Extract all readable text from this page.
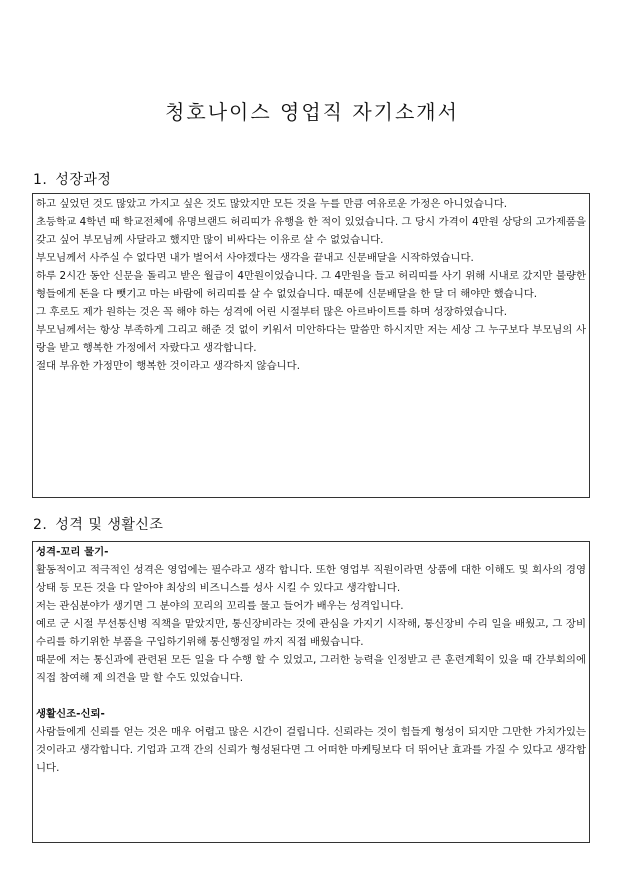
청호나이스 영업직 자기소개서
1. 성장과정

하고 싶었던 것도 많았고 가지고 싶은 것도 많았지만 모든 것을 누를 만큼 여유로운 가정은 아니었습니다.

초등학교 4학년 때 학교전체에 유명브랜드 허리띠가 유행을 한 적이 있었습니다. 그 당시 가격이 4만원 상당의 고가제품을 갖고 싶어 부모님께 사달라고 했지만 많이 비싸다는 이유로 살 수 없었습니다.

부모님께서 사주실 수 없다면 내가 벌어서 사야겠다는 생각을 끝내고 신문배달을 시작하였습니다.

하루 2시간 동안 신문을 돌리고 받은 월급이 4만원이었습니다. 그 4만원을 들고 허리띠를 사기 위해 시내로 갔지만 불량한 형들에게 돈을 다 뺏기고 마는 바람에 허리띠를 살 수 없었습니다. 때문에 신문배달을 한 달 더 해야만 했습니다.

그 후로도 제가 원하는 것은 꼭 해야 하는 성격에 어린 시절부터 많은 아르바이트를 하며 성장하였습니다.

부모님께서는 항상 부족하게 그리고 해준 것 없이 키워서 미안하다는 말씀만 하시지만 저는 세상 그 누구보다 부모님의 사랑을 받고 행복한 가정에서 자랐다고 생각합니다.

절대 부유한 가정만이 행복한 것이라고 생각하지 않습니다.

2. 성격 및 생활신조

성격-꼬리 물기-

활동적이고 적극적인 성격은 영업에는 필수라고 생각 합니다. 또한 영업부 직원이라면 상품에 대한 이해도 및 회사의 경영상태 등 모든 것을 다 알아야 최상의 비즈니스를 성사 시킬 수 있다고 생각합니다.

저는 관심분야가 생기면 그 분야의 꼬리의 꼬리를 물고 들어가 배우는 성격입니다.

예로 군 시절 무선통신병 직책을 맡았지만, 통신장비라는 것에 관심을 가지기 시작해, 통신장비 수리 일을 배웠고, 그 장비수리를 하기위한 부품을 구입하기위해 통신행정일 까지 직접 배웠습니다.

때문에 저는 통신과에 관련된 모든 일을 다 수행 할 수 있었고, 그러한 능력을 인정받고 큰 훈련계획이 있을 때 간부회의에 직접 참여해 제 의견을 말 할 수도 있었습니다.

생활신조-신뢰-

사람들에게 신뢰를 얻는 것은 매우 어렵고 많은 시간이 걸립니다. 신뢰라는 것이 힘들게 형성이 되지만 그만한 가치가있는 것이라고 생각합니다. 기업과 고객 간의 신뢰가 형성된다면 그 어떠한 마케팅보다 더 뛰어난 효과를 가질 수 있다고 생각합니다.
